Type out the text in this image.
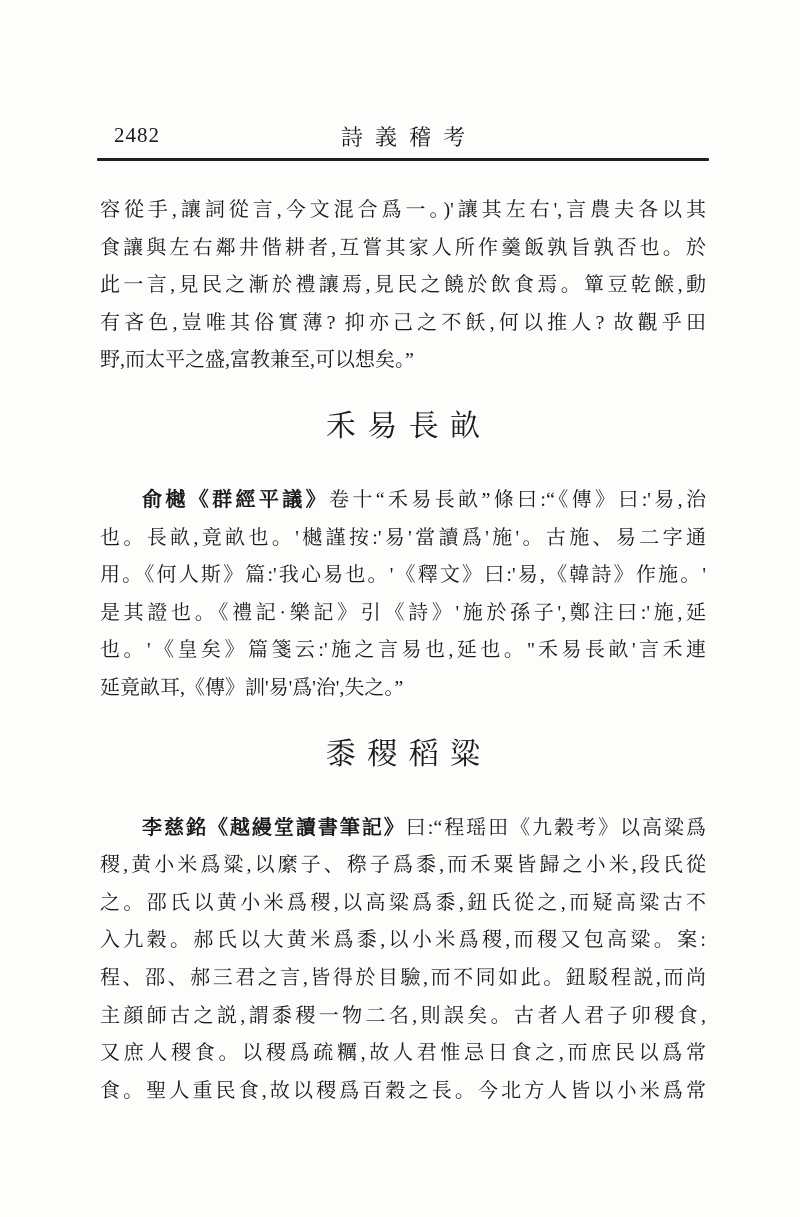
2482	詩義稽考
容從手,讓詞從言,今文混合爲一。)'讓其左右',言農夫各以其
食讓與左右鄰井偕耕者,互嘗其家人所作羹飯孰旨孰否也。於
此一言,見民之漸於禮讓焉,見民之饒於飲食焉。簞豆乾餱,動
有吝色,豈唯其俗實薄? 抑亦己之不飫,何以推人? 故觀乎田
野,而太平之盛,富教兼至,可以想矣。”
禾易長畝
俞樾《群經平議》卷十“禾易長畝”條曰:“《傳》曰:'易,治
也。長畝,竟畝也。'樾謹按:'易'當讀爲'施'。古施、易二字通
用。《何人斯》篇:'我心易也。'《釋文》曰:'易,《韓詩》作施。'
是其證也。《禮記·樂記》引《詩》'施於孫子',鄭注曰:'施,延
也。'《皇矣》篇箋云:'施之言易也,延也。''禾易長畝'言禾連
延竟畝耳,《傳》訓'易'爲'治',失之。”
黍稷稻粱
李慈銘《越縵堂讀書筆記》曰:“程瑶田《九穀考》以高粱爲
稷,黄小米爲粱,以縻子、穄子爲黍,而禾粟皆歸之小米,段氏從
之。邵氏以黄小米爲稷,以高粱爲黍,鈕氏從之,而疑高粱古不
入九穀。郝氏以大黄米爲黍,以小米爲稷,而稷又包高粱。案:
程、邵、郝三君之言,皆得於目驗,而不同如此。鈕駁程説,而尚
主顔師古之説,謂黍稷一物二名,則誤矣。古者人君子卯稷食,
又庶人稷食。以稷爲疏糲,故人君惟忌日食之,而庶民以爲常
食。聖人重民食,故以稷爲百穀之長。今北方人皆以小米爲常
